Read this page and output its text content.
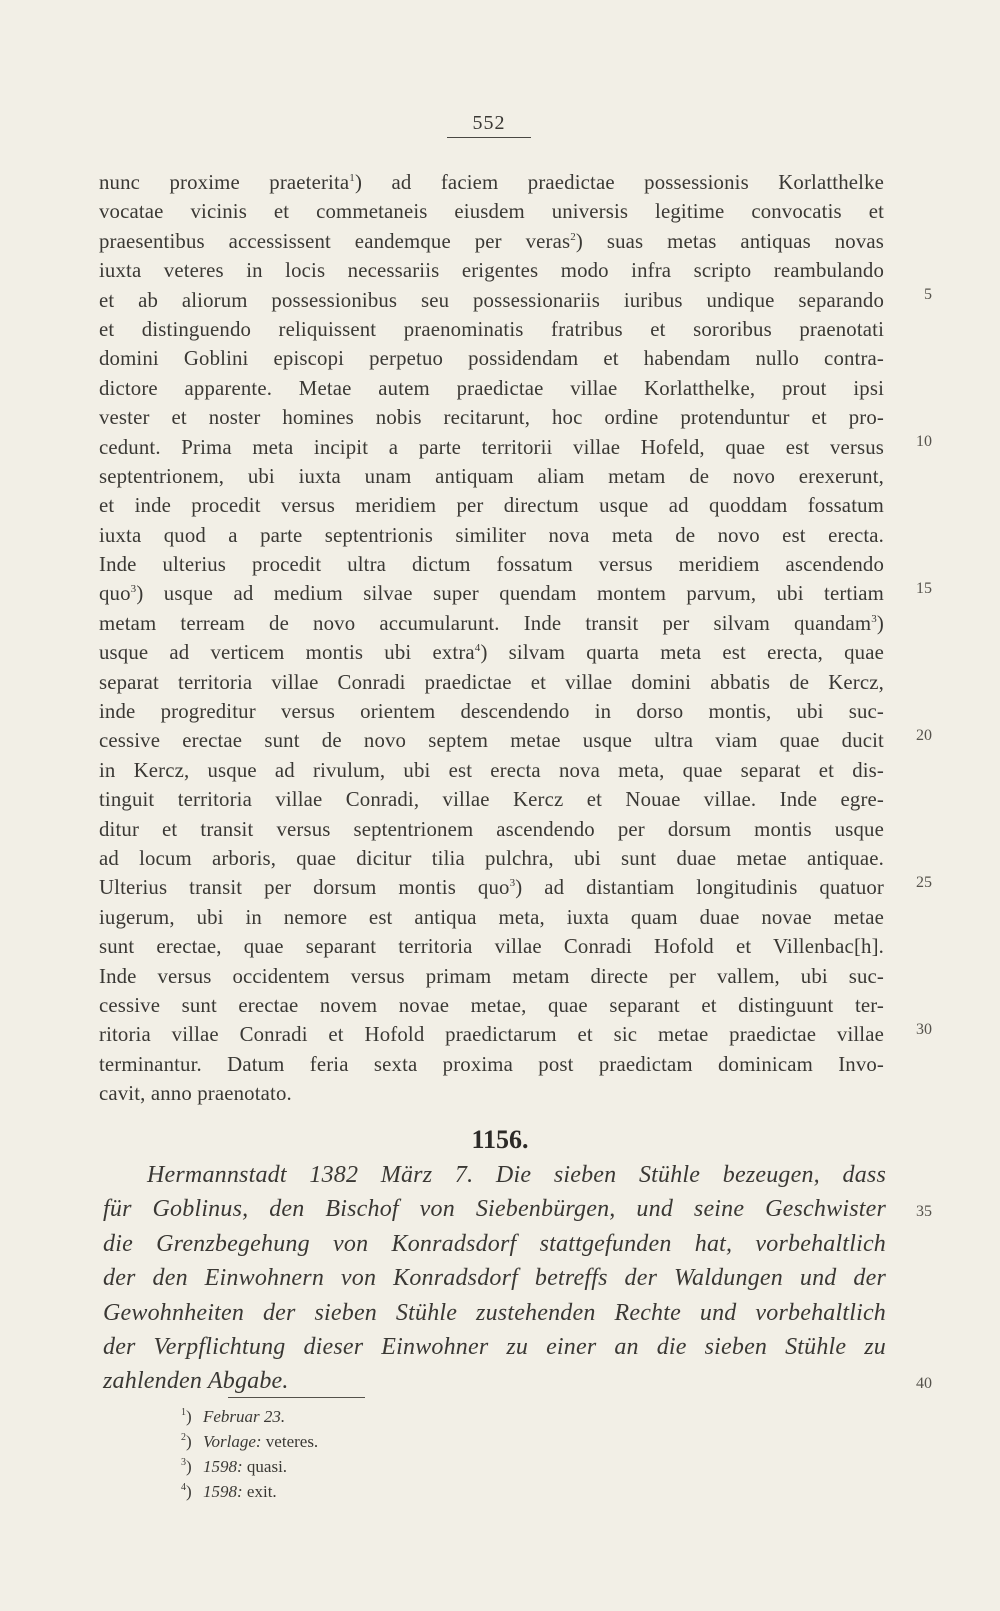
552
nunc proxime praeterita$^1$) ad faciem praedictae possessionis Korlatthelke
vocatae vicinis et commetaneis eiusdem universis legitime convocatis et
praesentibus accessissent eandemque per veras$^2$) suas metas antiquas novas
iuxta veteres in locis necessariis erigentes modo infra scripto reambulando
et ab aliorum possessionibus seu possessionariis iuribus undique separando
et distinguendo reliquissent praenominatis fratribus et sororibus praenotati
domini Goblini episcopi perpetuo possidendam et habendam nullo contra-
dictore apparente. Metae autem praedictae villae Korlatthelke, prout ipsi
vester et noster homines nobis recitarunt, hoc ordine protenduntur et pro-
cedunt. Prima meta incipit a parte territorii villae Hofeld, quae est versus
septentrionem, ubi iuxta unam antiquam aliam metam de novo erexerunt,
et inde procedit versus meridiem per directum usque ad quoddam fossatum
iuxta quod a parte septentrionis similiter nova meta de novo est erecta.
Inde ulterius procedit ultra dictum fossatum versus meridiem ascendendo
quo$^3$) usque ad medium silvae super quendam montem parvum, ubi tertiam
metam terream de novo accumularunt. Inde transit per silvam quandam$^3$)
usque ad verticem montis ubi extra$^4$) silvam quarta meta est erecta, quae
separat territoria villae Conradi praedictae et villae domini abbatis de Kercz,
inde progreditur versus orientem descendendo in dorso montis, ubi suc-
cessive erectae sunt de novo septem metae usque ultra viam quae ducit
in Kercz, usque ad rivulum, ubi est erecta nova meta, quae separat et dis-
tinguit territoria villae Conradi, villae Kercz et Nouae villae. Inde egre-
ditur et transit versus septentrionem ascendendo per dorsum montis usque
ad locum arboris, quae dicitur tilia pulchra, ubi sunt duae metae antiquae.
Ulterius transit per dorsum montis quo$^3$) ad distantiam longitudinis quatuor
iugerum, ubi in nemore est antiqua meta, iuxta quam duae novae metae
sunt erectae, quae separant territoria villae Conradi Hofold et Villenbac[h].
Inde versus occidentem versus primam metam directe per vallem, ubi suc-
cessive sunt erectae novem novae metae, quae separant et distinguunt ter-
ritoria villae Conradi et Hofold praedictarum et sic metae praedictae villae
terminantur. Datum feria sexta proxima post praedictam dominicam Invo-
cavit, anno praenotato.
5
10
15
20
25
30
35
40
1156.
Hermannstadt 1382 März 7. Die sieben Stühle bezeugen, dass
für Goblinus, den Bischof von Siebenbürgen, und seine Geschwister
die Grenzbegehung von Konradsdorf stattgefunden hat, vorbehaltlich
der den Einwohnern von Konradsdorf betreffs der Waldungen und der
Gewohnheiten der sieben Stühle zustehenden Rechte und vorbehaltlich
der Verpflichtung dieser Einwohner zu einer an die sieben Stühle zu
zahlenden Abgabe.
$^1$) Februar 23.
$^2$) Vorlage: veteres.
$^3$) 1598: quasi.
$^4$) 1598: exit.
